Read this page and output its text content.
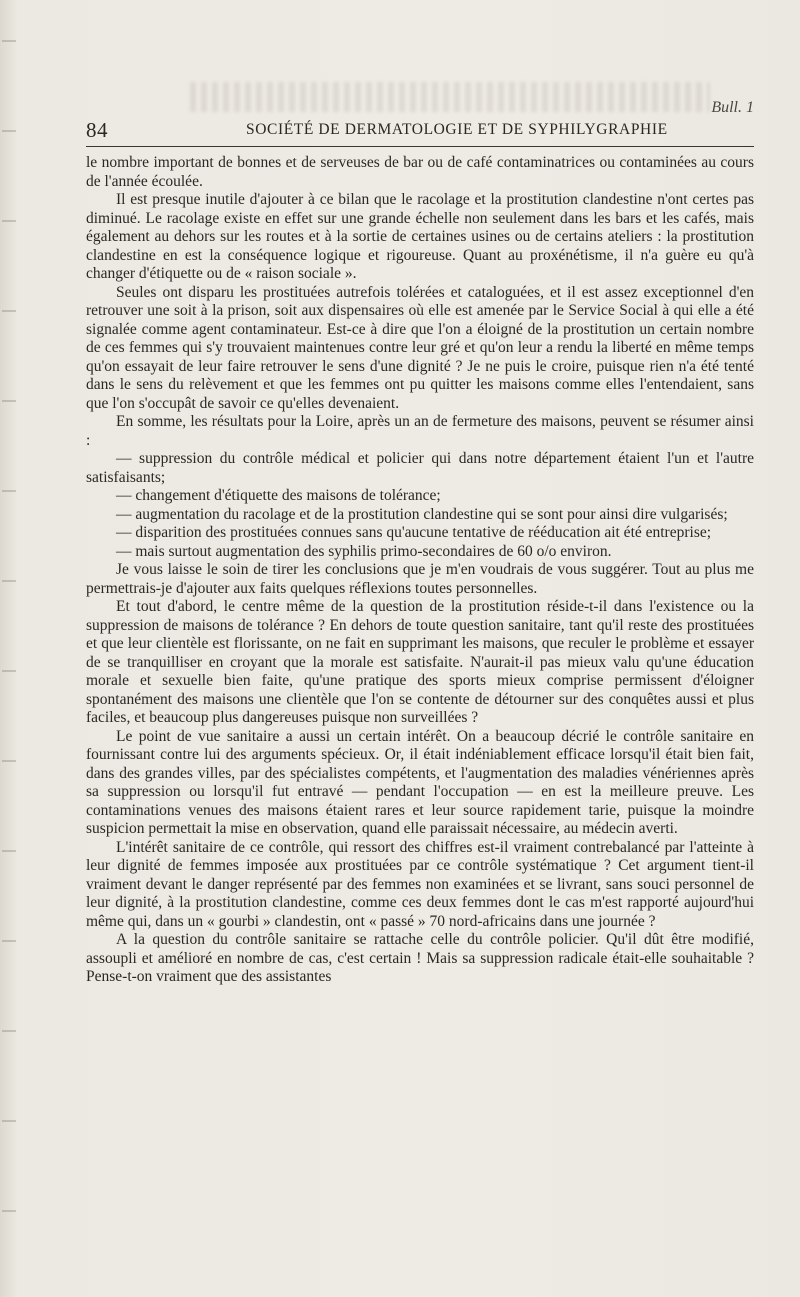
84	SOCIÉTÉ DE DERMATOLOGIE ET DE SYPHILYGRAPHIE
Bull. 1

le nombre important de bonnes et de serveuses de bar ou de café contaminatrices ou contaminées au cours de l'année écoulée.

Il est presque inutile d'ajouter à ce bilan que le racolage et la prostitution clandestine n'ont certes pas diminué. Le racolage existe en effet sur une grande échelle non seulement dans les bars et les cafés, mais également au dehors sur les routes et à la sortie de certaines usines ou de certains ateliers : la prostitution clandestine en est la conséquence logique et rigoureuse. Quant au proxénétisme, il n'a guère eu qu'à changer d'étiquette ou de « raison sociale ».

Seules ont disparu les prostituées autrefois tolérées et cataloguées, et il est assez exceptionnel d'en retrouver une soit à la prison, soit aux dispensaires où elle est amenée par le Service Social à qui elle a été signalée comme agent contaminateur. Est-ce à dire que l'on a éloigné de la prostitution un certain nombre de ces femmes qui s'y trouvaient maintenues contre leur gré et qu'on leur a rendu la liberté en même temps qu'on essayait de leur faire retrouver le sens d'une dignité ? Je ne puis le croire, puisque rien n'a été tenté dans le sens du relèvement et que les femmes ont pu quitter les maisons comme elles l'entendaient, sans que l'on s'occupât de savoir ce qu'elles devenaient.

En somme, les résultats pour la Loire, après un an de fermeture des maisons, peuvent se résumer ainsi :

— suppression du contrôle médical et policier qui dans notre département étaient l'un et l'autre satisfaisants;

— changement d'étiquette des maisons de tolérance;

— augmentation du racolage et de la prostitution clandestine qui se sont pour ainsi dire vulgarisés;

— disparition des prostituées connues sans qu'aucune tentative de rééducation ait été entreprise;

— mais surtout augmentation des syphilis primo-secondaires de 60 o/o environ.

Je vous laisse le soin de tirer les conclusions que je m'en voudrais de vous suggérer. Tout au plus me permettrais-je d'ajouter aux faits quelques réflexions toutes personnelles.

Et tout d'abord, le centre même de la question de la prostitution réside-t-il dans l'existence ou la suppression de maisons de tolérance ? En dehors de toute question sanitaire, tant qu'il reste des prostituées et que leur clientèle est florissante, on ne fait en supprimant les maisons, que reculer le problème et essayer de se tranquilliser en croyant que la morale est satisfaite. N'aurait-il pas mieux valu qu'une éducation morale et sexuelle bien faite, qu'une pratique des sports mieux comprise permissent d'éloigner spontanément des maisons une clientèle que l'on se contente de détourner sur des conquêtes aussi et plus faciles, et beaucoup plus dangereuses puisque non surveillées ?

Le point de vue sanitaire a aussi un certain intérêt. On a beaucoup décrié le contrôle sanitaire en fournissant contre lui des arguments spécieux. Or, il était indéniablement efficace lorsqu'il était bien fait, dans des grandes villes, par des spécialistes compétents, et l'augmentation des maladies vénériennes après sa suppression ou lorsqu'il fut entravé — pendant l'occupation — en est la meilleure preuve. Les contaminations venues des maisons étaient rares et leur source rapidement tarie, puisque la moindre suspicion permettait la mise en observation, quand elle paraissait nécessaire, au médecin averti.

L'intérêt sanitaire de ce contrôle, qui ressort des chiffres est-il vraiment contrebalancé par l'atteinte à leur dignité de femmes imposée aux prostituées par ce contrôle systématique ? Cet argument tient-il vraiment devant le danger représenté par des femmes non examinées et se livrant, sans souci personnel de leur dignité, à la prostitution clandestine, comme ces deux femmes dont le cas m'est rapporté aujourd'hui même qui, dans un « gourbi » clandestin, ont « passé » 70 nord-africains dans une journée ?

A la question du contrôle sanitaire se rattache celle du contrôle policier. Qu'il dût être modifié, assoupli et amélioré en nombre de cas, c'est certain ! Mais sa suppression radicale était-elle souhaitable ? Pense-t-on vraiment que des assistantes
